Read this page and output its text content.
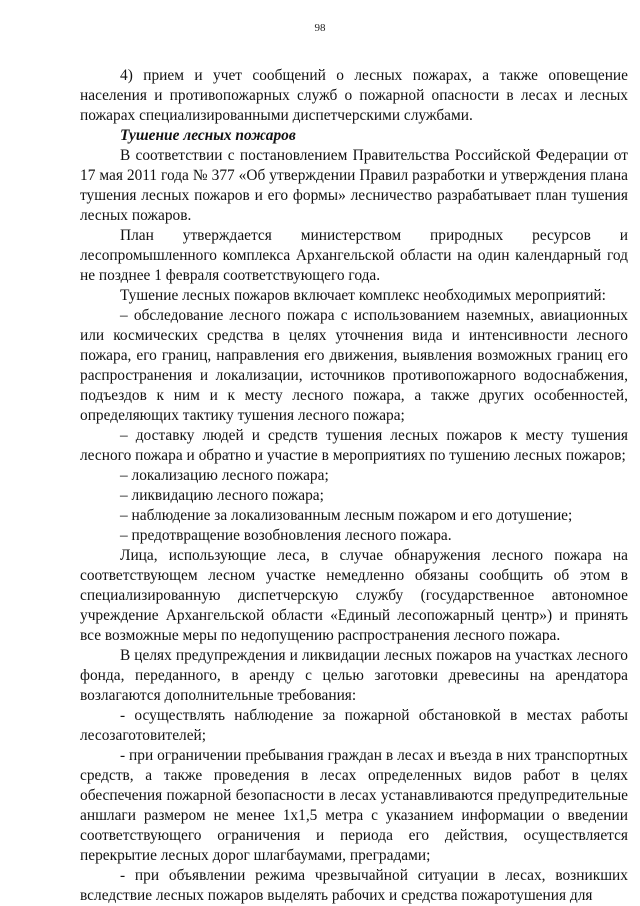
98

4) прием и учет сообщений о лесных пожарах, а также оповещение населения и противопожарных служб о пожарной опасности в лесах и лесных пожарах специализированными диспетчерскими службами.

Тушение лесных пожаров

В соответствии с постановлением Правительства Российской Федерации от 17 мая 2011 года № 377 «Об утверждении Правил разработки и утверждения плана тушения лесных пожаров и его формы» лесничество разрабатывает план тушения лесных пожаров.

План утверждается министерством природных ресурсов и лесопромышленного комплекса Архангельской области на один календарный год не позднее 1 февраля соответствующего года.

Тушение лесных пожаров включает комплекс необходимых мероприятий:

– обследование лесного пожара с использованием наземных, авиационных или космических средства в целях уточнения вида и интенсивности лесного пожара, его границ, направления его движения, выявления возможных границ его распространения и локализации, источников противопожарного водоснабжения, подъездов к ним и к месту лесного пожара, а также других особенностей, определяющих тактику тушения лесного пожара;

– доставку людей и средств тушения лесных пожаров к месту тушения лесного пожара и обратно и участие в мероприятиях по тушению лесных пожаров;

– локализацию лесного пожара;

– ликвидацию лесного пожара;

– наблюдение за локализованным лесным пожаром и его дотушение;

– предотвращение возобновления лесного пожара.

Лица, использующие леса, в случае обнаружения лесного пожара на соответствующем лесном участке немедленно обязаны сообщить об этом в специализированную диспетчерскую службу (государственное автономное учреждение Архангельской области «Единый лесопожарный центр») и принять все возможные меры по недопущению распространения лесного пожара.

В целях предупреждения и ликвидации лесных пожаров на участках лесного фонда, переданного, в аренду с целью заготовки древесины на арендатора возлагаются дополнительные требования:

- осуществлять наблюдение за пожарной обстановкой в местах работы лесозаготовителей;

- при ограничении пребывания граждан в лесах и въезда в них транспортных средств, а также проведения в лесах определенных видов работ в целях обеспечения пожарной безопасности в лесах устанавливаются предупредительные аншлаги размером не менее 1х1,5 метра с указанием информации о введении соответствующего ограничения и периода его действия, осуществляется перекрытие лесных дорог шлагбаумами, преградами;

- при объявлении режима чрезвычайной ситуации в лесах, возникших вследствие лесных пожаров выделять рабочих и средства пожаротушения для
